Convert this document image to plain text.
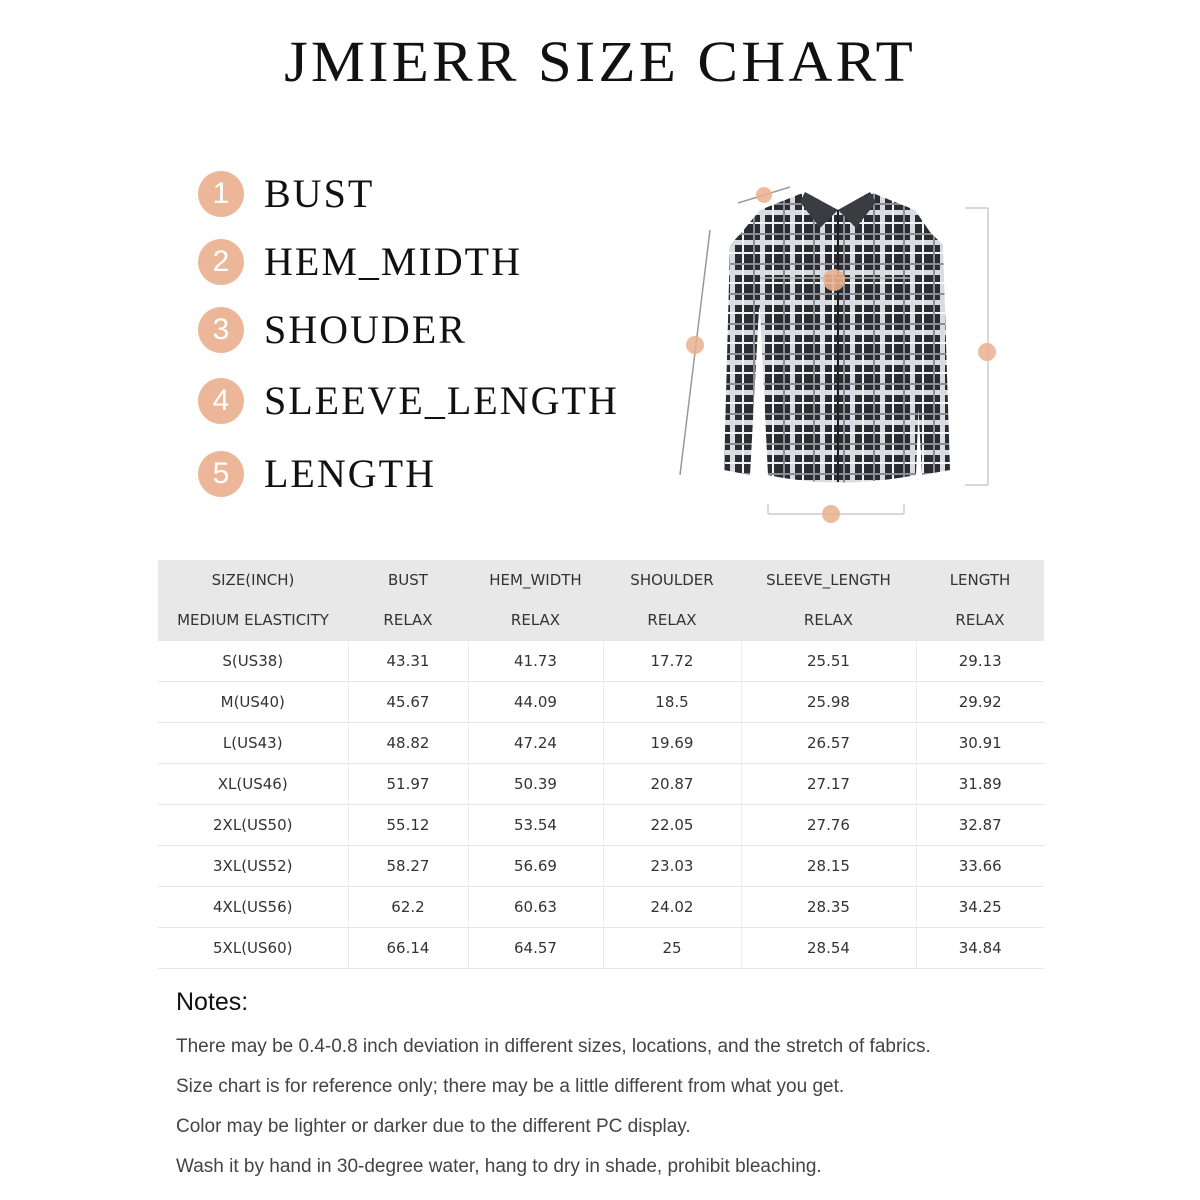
JMIERR SIZE CHART
1 BUST
2 HEM_MIDTH
3 SHOUDER
4 SLEEVE_LENGTH
5 LENGTH
SIZE(INCH)	BUST	HEM_WIDTH	SHOULDER	SLEEVE_LENGTH	LENGTH
MEDIUM ELASTICITY	RELAX	RELAX	RELAX	RELAX	RELAX
S(US38)	43.31	41.73	17.72	25.51	29.13
M(US40)	45.67	44.09	18.5	25.98	29.92
L(US43)	48.82	47.24	19.69	26.57	30.91
XL(US46)	51.97	50.39	20.87	27.17	31.89
2XL(US50)	55.12	53.54	22.05	27.76	32.87
3XL(US52)	58.27	56.69	23.03	28.15	33.66
4XL(US56)	62.2	60.63	24.02	28.35	34.25
5XL(US60)	66.14	64.57	25	28.54	34.84
Notes:
There may be 0.4-0.8 inch deviation in different sizes, locations, and the stretch of fabrics.
Size chart is for reference only; there may be a little different from what you get.
Color may be lighter or darker due to the different PC display.
Wash it by hand in 30-degree water, hang to dry in shade, prohibit bleaching.
